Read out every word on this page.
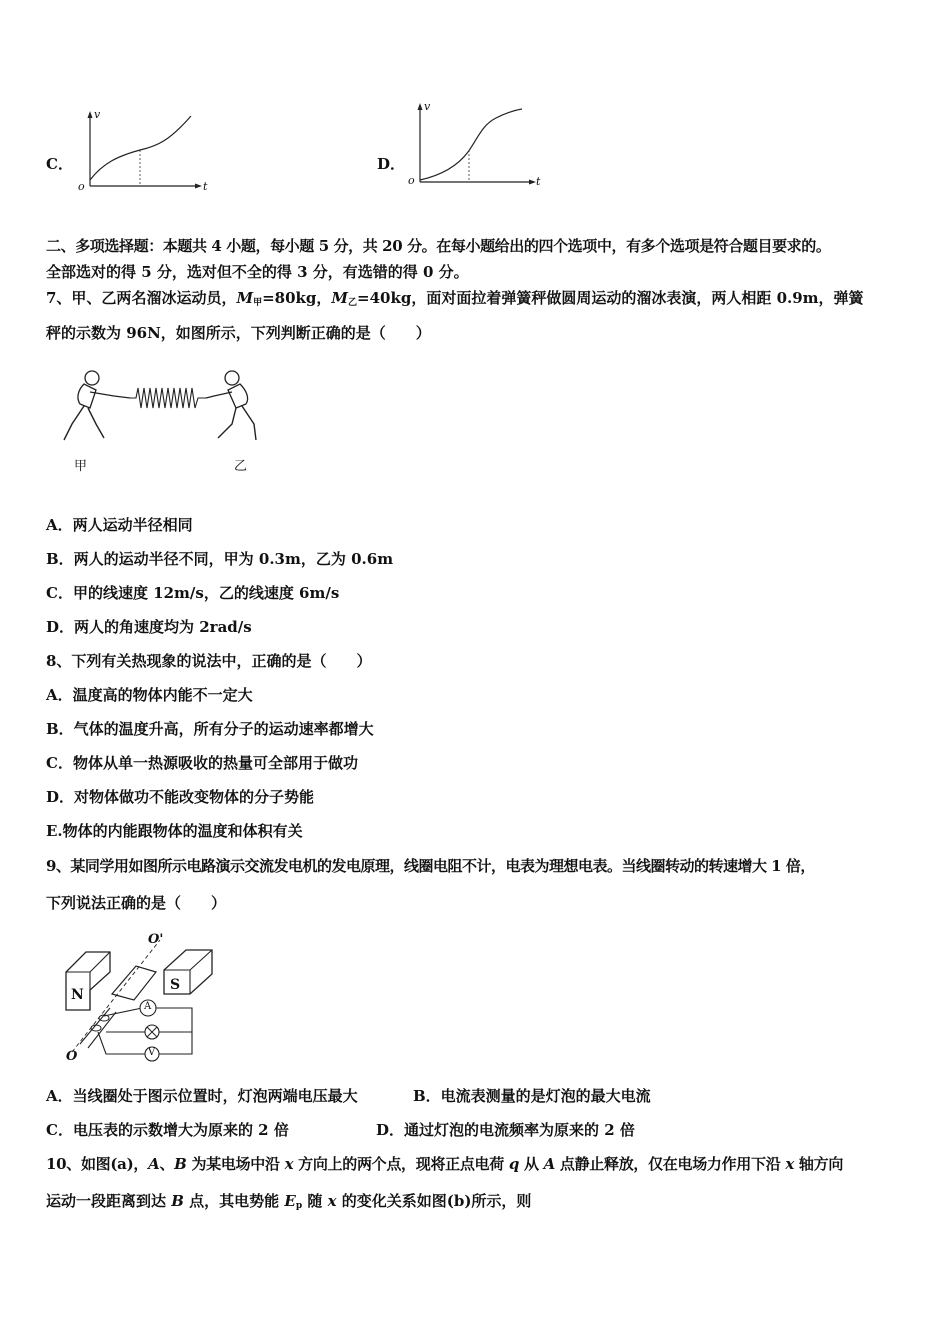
C．
v
t
o
D．
v
t
o
二、多项选择题：本题共 4 小题，每小题 5 分，共 20 分。在每小题给出的四个选项中，有多个选项是符合题目要求的。
全部选对的得 5 分，选对但不全的得 3 分，有选错的得 0 分。
7、甲、乙两名溜冰运动员，$M_甲=80kg$，$M_乙=40kg$，面对面拉着弹簧秤做圆周运动的溜冰表演，两人相距 0.9m，弹簧
秤的示数为 96N，如图所示，下列判断正确的是（　　）
甲	乙
A．两人运动半径相同
B．两人的运动半径不同，甲为 0.3m，乙为 0.6m
C．甲的线速度 12m/s，乙的线速度 6m/s
D．两人的角速度均为 2rad/s
8、下列有关热现象的说法中，正确的是（　　）
A．温度高的物体内能不一定大
B．气体的温度升高，所有分子的运动速率都增大
C．物体从单一热源吸收的热量可全部用于做功
D．对物体做功不能改变物体的分子势能
E.物体的内能跟物体的温度和体积有关
9、某同学用如图所示电路演示交流发电机的发电原理，线圈电阻不计，电表为理想电表。当线圈转动的转速增大 1 倍，
下列说法正确的是（　　）
N
S
O'
O
A
V
A．当线圈处于图示位置时，灯泡两端电压最大	B．电流表测量的是灯泡的最大电流
C．电压表的示数增大为原来的 2 倍	D．通过灯泡的电流频率为原来的 2 倍
10、如图(a)，A、B 为某电场中沿 x 方向上的两个点，现将正点电荷 q 从 A 点静止释放，仅在电场力作用下沿 x 轴方向
运动一段距离到达 B 点，其电势能 $E_p$ 随 x 的变化关系如图(b)所示，则
